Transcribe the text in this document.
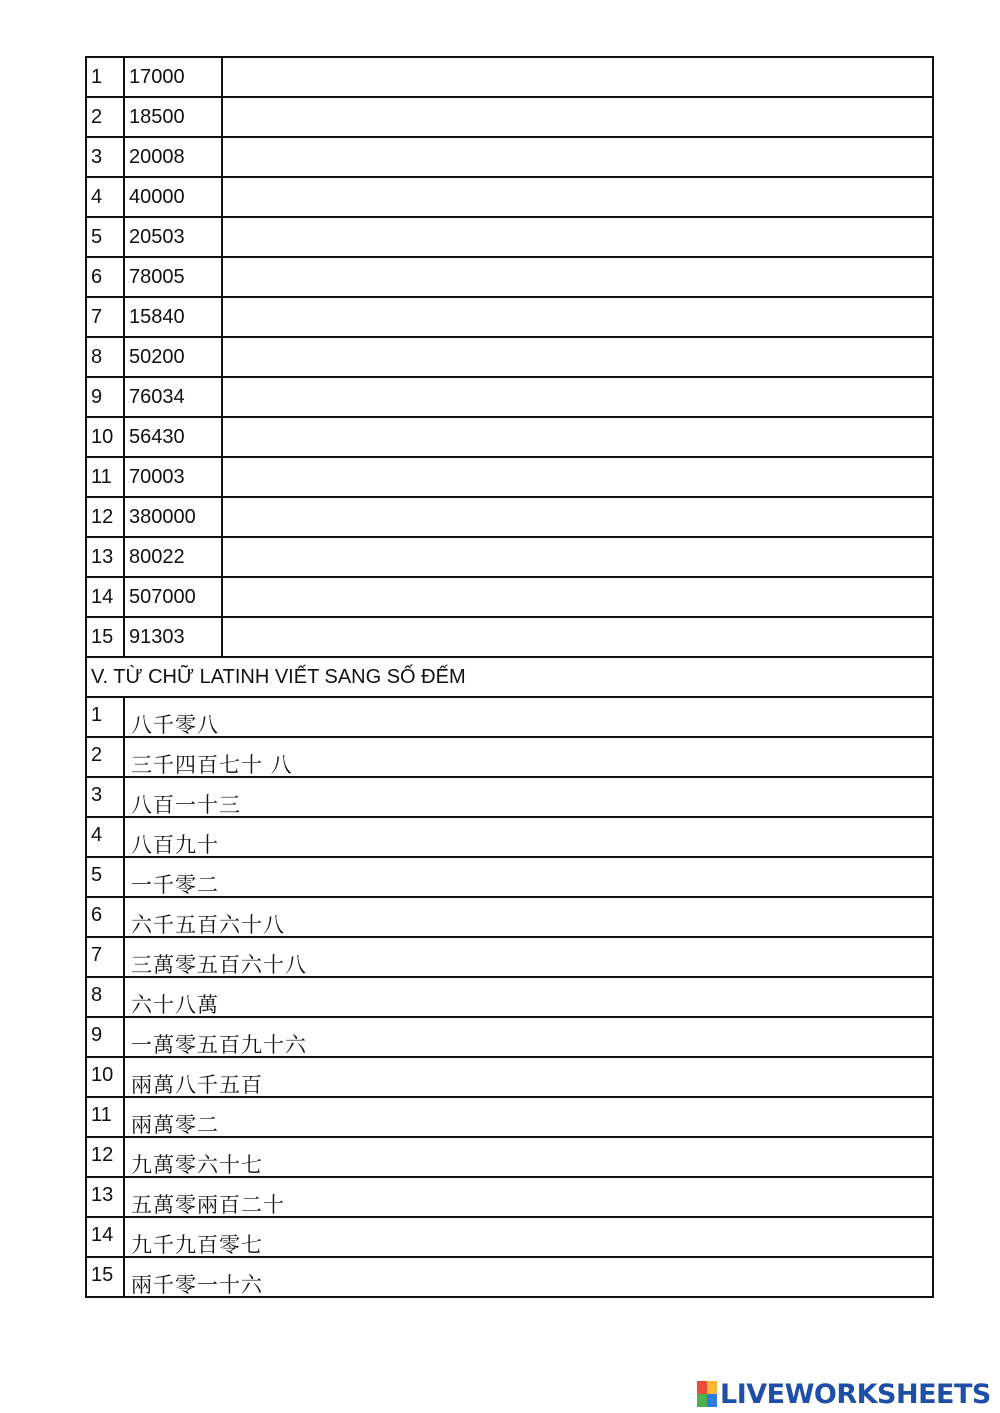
1	17000
2	18500
3	20008
4	40000
5	20503
6	78005
7	15840
8	50200
9	76034
10 56430
11 70003
12 380000
13 80022
14 507000
15 91303
V. TỪ CHỮ LATINH VIẾT SANG SỐ ĐẾM
1	八千零八
2	三千四百七十 八
3	八百一十三
4	八百九十
5	一千零二
6	六千五百六十八
7	三萬零五百六十八
8	六十八萬
9	一萬零五百九十六
10 兩萬八千五百
11 兩萬零二
12 九萬零六十七
13 五萬零兩百二十
14 九千九百零七
15 兩千零一十六
LIVEWORKSHEETS
